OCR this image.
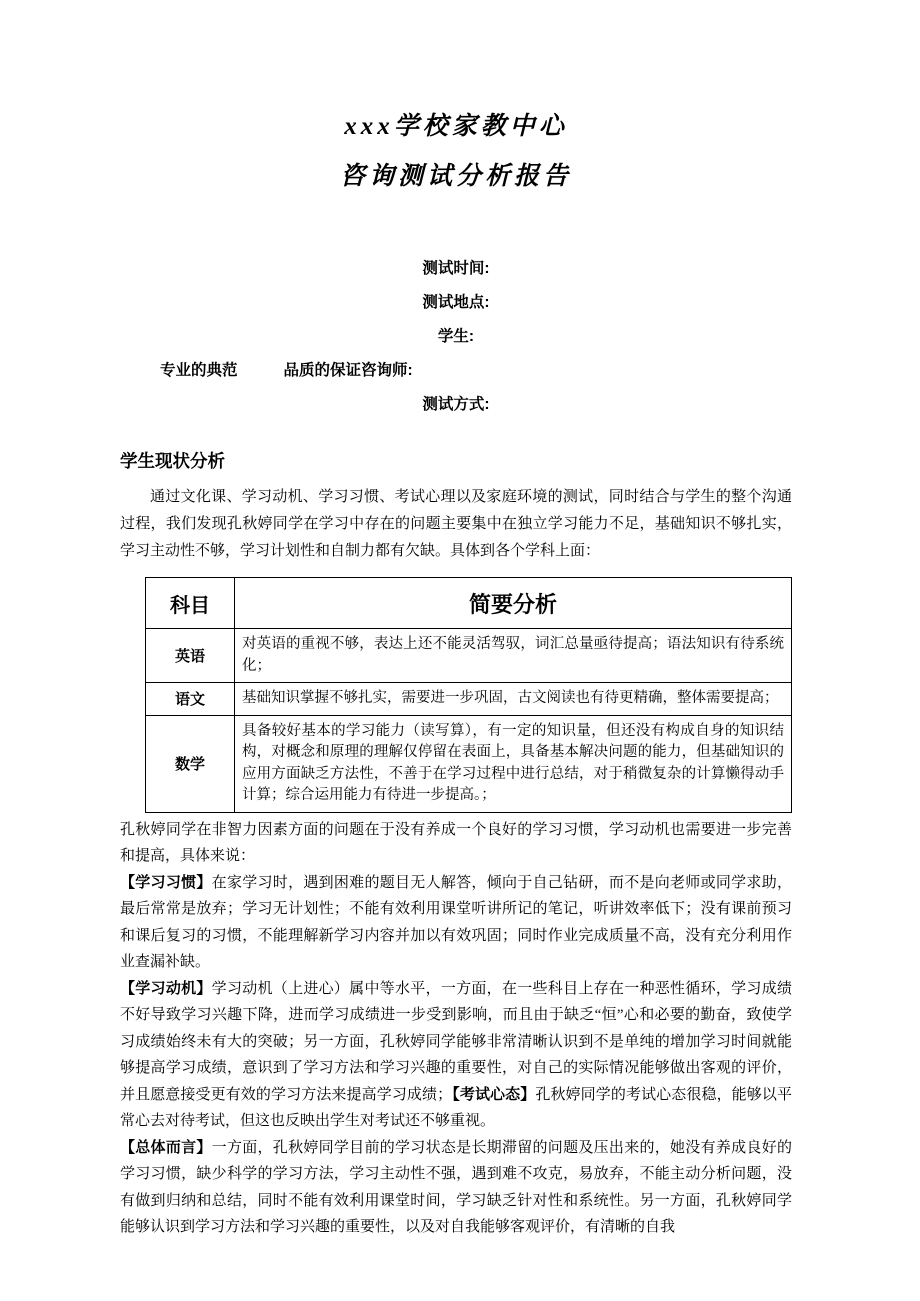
xxx学校家教中心
咨询测试分析报告
测试时间:
测试地点:
学生:
专业的典范	品质的保证咨询师:
测试方式:
学生现状分析

通过文化课、学习动机、学习习惯、考试心理以及家庭环境的测试，同时结合与学生的整个沟通过程，我们发现孔秋婷同学在学习中存在的问题主要集中在独立学习能力不足，基础知识不够扎实，学习主动性不够，学习计划性和自制力都有欠缺。具体到各个学科上面：

科目	简要分析
英语	对英语的重视不够，表达上还不能灵活驾驭，词汇总量亟待提高；语法知识有待系统化；
语文	基础知识掌握不够扎实，需要进一步巩固，古文阅读也有待更精确，整体需要提高；
数学	具备较好基本的学习能力（读写算），有一定的知识量，但还没有构成自身的知识结构，对概念和原理的理解仅停留在表面上，具备基本解决问题的能力，但基础知识的应用方面缺乏方法性，不善于在学习过程中进行总结，对于稍微复杂的计算懒得动手计算；综合运用能力有待进一步提高。；

孔秋婷同学在非智力因素方面的问题在于没有养成一个良好的学习习惯，学习动机也需要进一步完善和提高，具体来说：

【学习习惯】在家学习时，遇到困难的题目无人解答，倾向于自己钻研，而不是向老师或同学求助，最后常常是放弃；学习无计划性；不能有效利用课堂听讲所记的笔记，听讲效率低下；没有课前预习和课后复习的习惯，不能理解新学习内容并加以有效巩固；同时作业完成质量不高，没有充分利用作业查漏补缺。

【学习动机】学习动机（上进心）属中等水平，一方面，在一些科目上存在一种恶性循环，学习成绩不好导致学习兴趣下降，进而学习成绩进一步受到影响，而且由于缺乏“恒”心和必要的勤奋，致使学习成绩始终未有大的突破；另一方面，孔秋婷同学能够非常清晰认识到不是单纯的增加学习时间就能够提高学习成绩，意识到了学习方法和学习兴趣的重要性，对自己的实际情况能够做出客观的评价，并且愿意接受更有效的学习方法来提高学习成绩；【考试心态】孔秋婷同学的考试心态很稳，能够以平常心去对待考试，但这也反映出学生对考试还不够重视。

【总体而言】一方面，孔秋婷同学目前的学习状态是长期滞留的问题及压出来的，她没有养成良好的学习习惯，缺少科学的学习方法，学习主动性不强，遇到难不攻克，易放弃，不能主动分析问题，没有做到归纳和总结，同时不能有效利用课堂时间，学习缺乏针对性和系统性。另一方面，孔秋婷同学能够认识到学习方法和学习兴趣的重要性，以及对自我能够客观评价，有清晰的自我
